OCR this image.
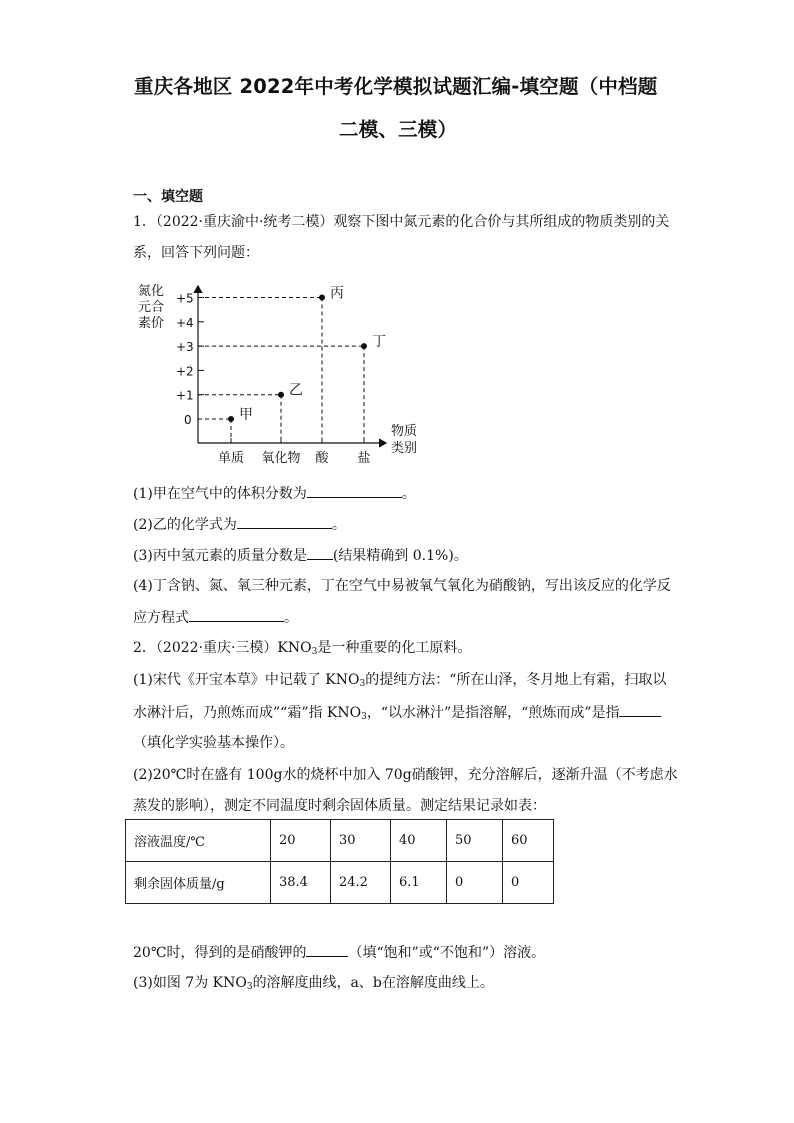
重庆各地区 2022年中考化学模拟试题汇编-填空题（中档题
二模、三模）
一、填空题
1．（2022·重庆渝中·统考二模）观察下图中氮元素的化合价与其所组成的物质类别的关
系，回答下列问题：
氮化
元合
素价
物质
类别
0
+1
+2
+3
+4
+5
单质 氧化物 酸 盐
甲
乙
丙
丁
(1)甲在空气中的体积分数为	。
(2)乙的化学式为	。
(3)丙中氢元素的质量分数是 (结果精确到 0.1%)。
(4)丁含钠、氮、氧三种元素，丁在空气中易被氧气氧化为硝酸钠，写出该反应的化学反
应方程式	。
2．（2022·重庆·三模）$KNO_3$是一种重要的化工原料。
(1)宋代《开宝本草》中记载了 $KNO_3$的提纯方法：“所在山泽，冬月地上有霜，扫取以
水淋汁后，乃煎炼而成”“霜”指 $KNO_3$，“以水淋汁”是指溶解，“煎炼而成”是指
（填化学实验基本操作）。
(2)20℃时在盛有 100g水的烧杯中加入 70g硝酸钾，充分溶解后，逐渐升温（不考虑水
蒸发的影响），测定不同温度时剩余固体质量。测定结果记录如表：
溶液温度/℃	20	30	40	50	60
剩余固体质量/g	38.4	24.2	6.1	0	0
20℃时，得到的是硝酸钾的	（填“饱和”或“不饱和”）溶液。
(3)如图 7为 $KNO_3$的溶解度曲线，a、b在溶解度曲线上。
